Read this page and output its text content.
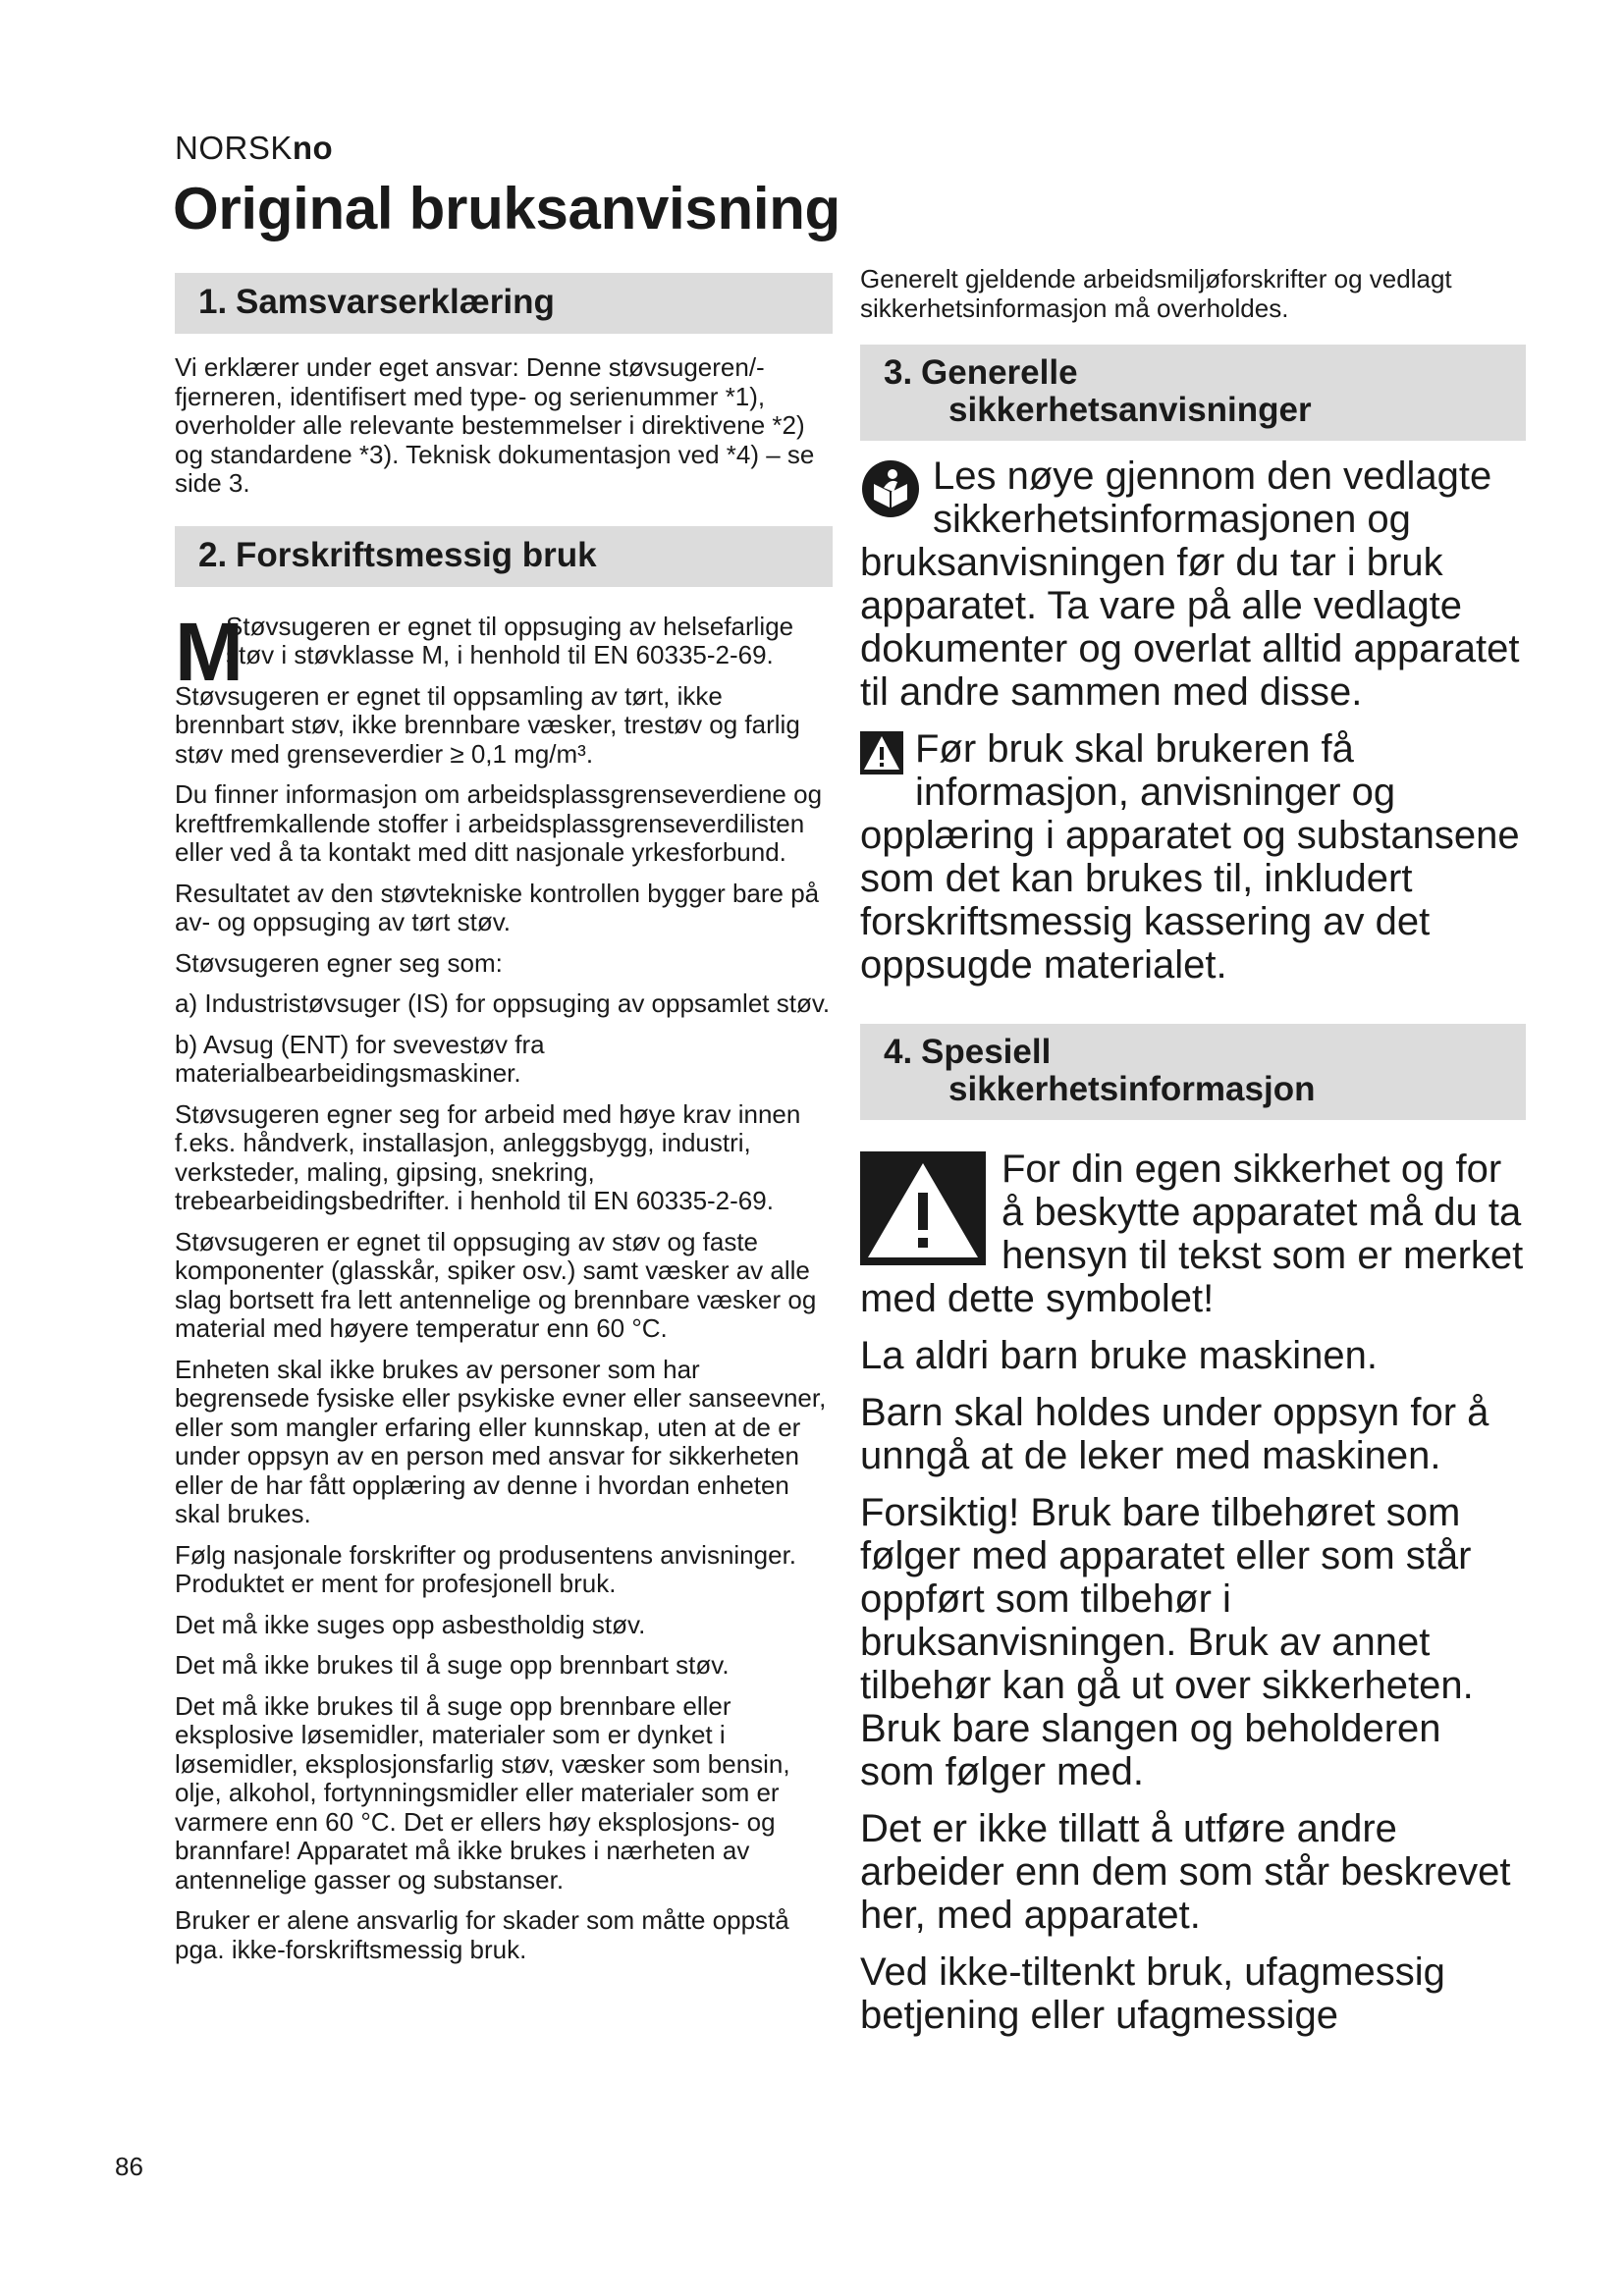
NORSKno
Original bruksanvisning
1. Samsvarserklæring

Vi erklærer under eget ansvar: Denne støvsugeren/-fjerneren, identifisert med type- og serienummer *1), overholder alle relevante bestemmelser i direktivene *2) og standardene *3). Teknisk dokumentasjon ved *4) – se side 3.

2. Forskriftsmessig bruk
M
Støvsugeren er egnet til oppsuging av helsefarlige støv i støvklasse M, i henhold til EN 60335-2-69.

Støvsugeren er egnet til oppsamling av tørt, ikke brennbart støv, ikke brennbare væsker, trestøv og farlig støv med grenseverdier ≥ 0,1 mg/m³.

Du finner informasjon om arbeidsplassgrenseverdiene og kreftfremkallende stoffer i arbeidsplassgrenseverdilisten eller ved å ta kontakt med ditt nasjonale yrkesforbund.

Resultatet av den støvtekniske kontrollen bygger bare på av- og oppsuging av tørt støv.

Støvsugeren egner seg som:

a) Industristøvsuger (IS) for oppsuging av oppsamlet støv.

b) Avsug (ENT) for svevestøv fra materialbearbeidingsmaskiner.

Støvsugeren egner seg for arbeid med høye krav innen f.eks. håndverk, installasjon, anleggsbygg, industri, verksteder, maling, gipsing, snekring, trebearbeidingsbedrifter. i henhold til EN 60335-2-69.

Støvsugeren er egnet til oppsuging av støv og faste komponenter (glasskår, spiker osv.) samt væsker av alle slag bortsett fra lett antennelige og brennbare væsker og material med høyere temperatur enn 60 °C.

Enheten skal ikke brukes av personer som har begrensede fysiske eller psykiske evner eller sanseevner, eller som mangler erfaring eller kunnskap, uten at de er under oppsyn av en person med ansvar for sikkerheten eller de har fått opplæring av denne i hvordan enheten skal brukes.

Følg nasjonale forskrifter og produsentens anvisninger. Produktet er ment for profesjonell bruk.

Det må ikke suges opp asbestholdig støv.

Det må ikke brukes til å suge opp brennbart støv.

Det må ikke brukes til å suge opp brennbare eller eksplosive løsemidler, materialer som er dynket i løsemidler, eksplosjonsfarlig støv, væsker som bensin, olje, alkohol, fortynningsmidler eller materialer som er varmere enn 60 °C. Det er ellers høy eksplosjons- og brannfare! Apparatet må ikke brukes i nærheten av antennelige gasser og substanser.

Bruker er alene ansvarlig for skader som måtte oppstå pga. ikke-forskriftsmessig bruk.

Generelt gjeldende arbeidsmiljøforskrifter og vedlagt sikkerhetsinformasjon må overholdes.

3. Generelle
sikkerhetsanvisninger

Les nøye gjennom den vedlagte sikkerhetsinformasjonen og bruksanvisningen før du tar i bruk apparatet. Ta vare på alle vedlagte dokumenter og overlat alltid apparatet til andre sammen med disse.

Før bruk skal brukeren få informasjon, anvisninger og opplæring i apparatet og substansene som det kan brukes til, inkludert forskriftsmessig kassering av det oppsugde materialet.

4. Spesiell
sikkerhetsinformasjon

For din egen sikkerhet og for å beskytte apparatet må du ta hensyn til tekst som er merket med dette symbolet!

La aldri barn bruke maskinen.

Barn skal holdes under oppsyn for å unngå at de leker med maskinen.

Forsiktig! Bruk bare tilbehøret som følger med apparatet eller som står oppført som tilbehør i bruksanvisningen. Bruk av annet tilbehør kan gå ut over sikkerheten. Bruk bare slangen og beholderen som følger med.

Det er ikke tillatt å utføre andre arbeider enn dem som står beskrevet her, med apparatet.

Ved ikke-tiltenkt bruk, ufagmessig betjening eller ufagmessige

86
